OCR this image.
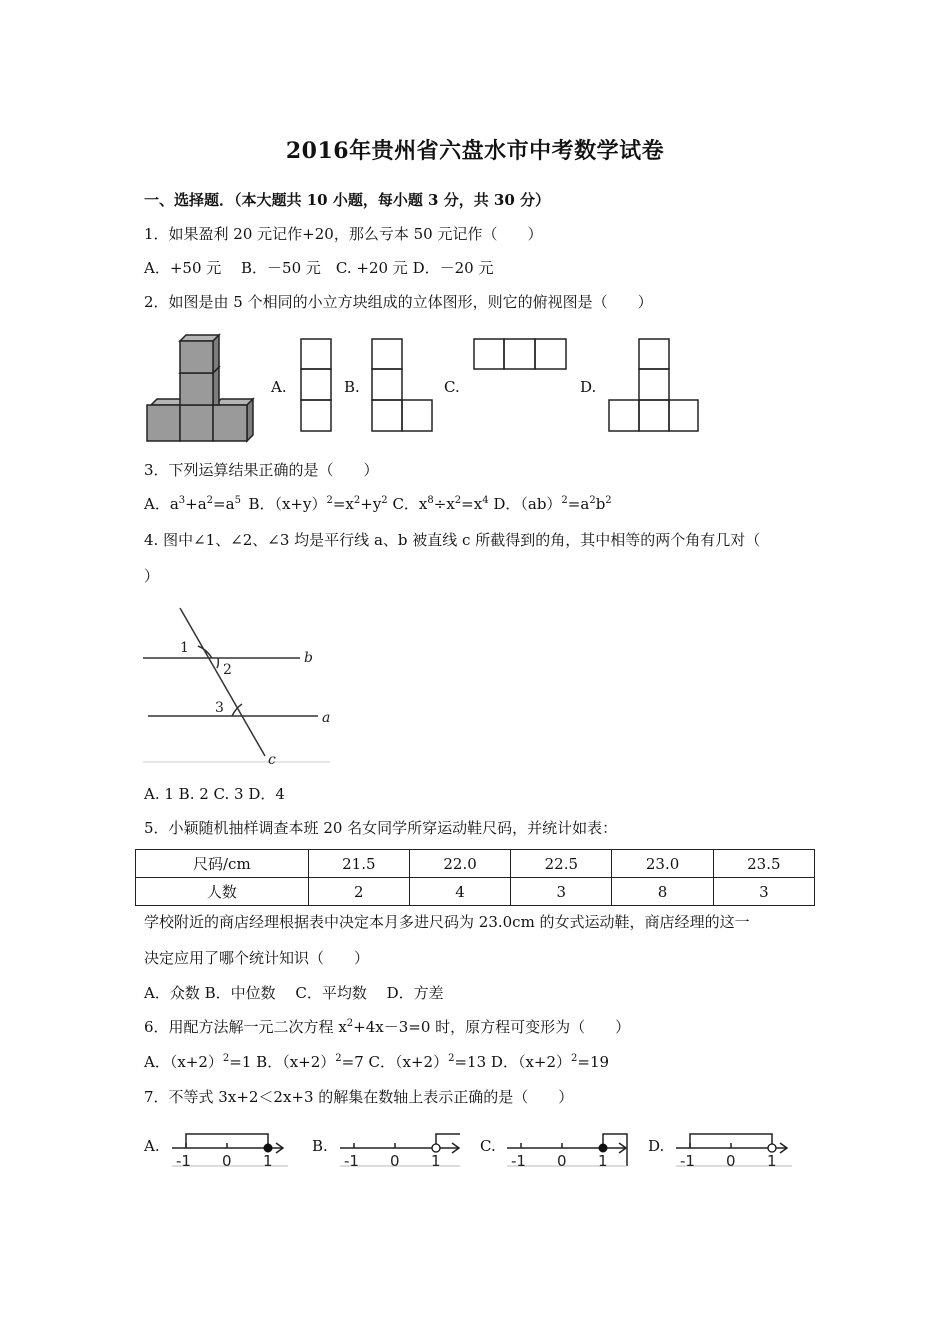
2016年贵州省六盘水市中考数学试卷
一、选择题．（本大题共 10 小题，每小题 3 分，共 30 分）
1．如果盈利 20 元记作+20，那么亏本 50 元记作（　　）
A．+50 元　 B．－50 元　C. +20 元 D．－20 元
2．如图是由 5 个相同的小立方块组成的立体图形，则它的俯视图是（　　）
A.	B.	C.	D.
3．下列运算结果正确的是（　　）
A．$a^3+a^2=a^5$  B．$(x+y)^2=x^2+y^2$ C．$x^8\div x^2=x^4$ D．$(ab)^2=a^2b^2$
4. 图中∠1、∠2、∠3 均是平行线 a、b 被直线 c 所截得到的角，其中相等的两个角有几对（
）
1
2
3
b
a
c
A. 1 B. 2 C. 3 D．4
5．小颖随机抽样调查本班 20 名女同学所穿运动鞋尺码，并统计如表：
尺码/cm	21.5	22.0	22.5	23.0	23.5
人数	2	4	3	8	3
学校附近的商店经理根据表中决定本月多进尺码为 23.0cm 的女式运动鞋，商店经理的这一
决定应用了哪个统计知识（　　）
A．众数 B．中位数　 C．平均数　 D．方差
6．用配方法解一元二次方程 $x^2+4x-3=0$ 时，原方程可变形为（　　）
A．$(x+2)^2=1$ B．$(x+2)^2=7$ C．$(x+2)^2=13$ D．$(x+2)^2=19$
7．不等式 3x+2＜2x+3 的解集在数轴上表示正确的是（　　）
A.
-1 0 1
B.
-1 0 1
C.
-1 0 1
D.
-1 0 1
